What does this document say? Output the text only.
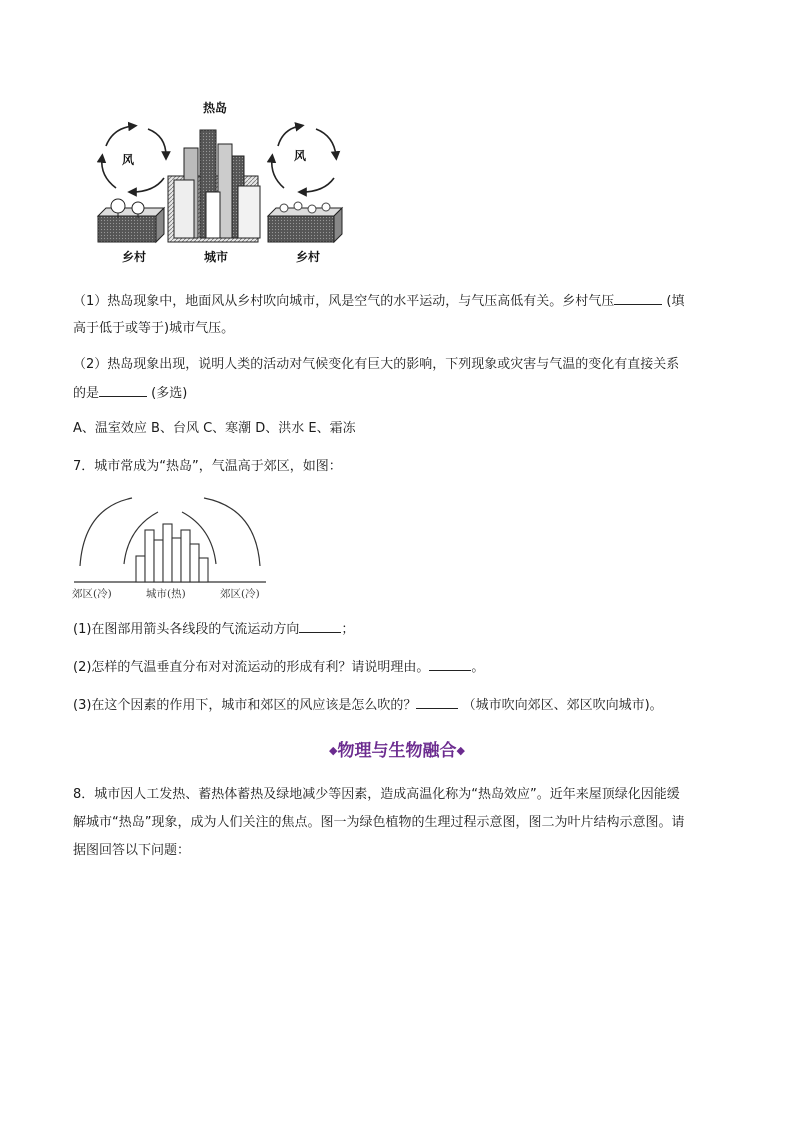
热岛
风	风
乡村	城市	乡村
（1）热岛现象中，地面风从乡村吹向城市，风是空气的水平运动，与气压高低有关。乡村气压	(填
高于低于或等于)城市气压。
（2）热岛现象出现，说明人类的活动对气候变化有巨大的影响，下列现象或灾害与气温的变化有直接关系
的是	(多选)
A、温室效应 B、台风 C、寒潮 D、洪水 E、霜冻
7．城市常成为“热岛”，气温高于郊区，如图：
郊区(冷)	城市(热)	郊区(冷)
(1)在图部用箭头各线段的气流运动方向	；
(2)怎样的气温垂直分布对对流运动的形成有利？请说明理由。	。
(3)在这个因素的作用下，城市和郊区的风应该是怎么吹的？	（城市吹向郊区、郊区吹向城市)。
◆物理与生物融合◆
8．城市因人工发热、蓄热体蓄热及绿地减少等因素，造成高温化称为“热岛效应”。近年来屋顶绿化因能缓
解城市“热岛”现象，成为人们关注的焦点。图一为绿色植物的生理过程示意图，图二为叶片结构示意图。请
据图回答以下问题：
